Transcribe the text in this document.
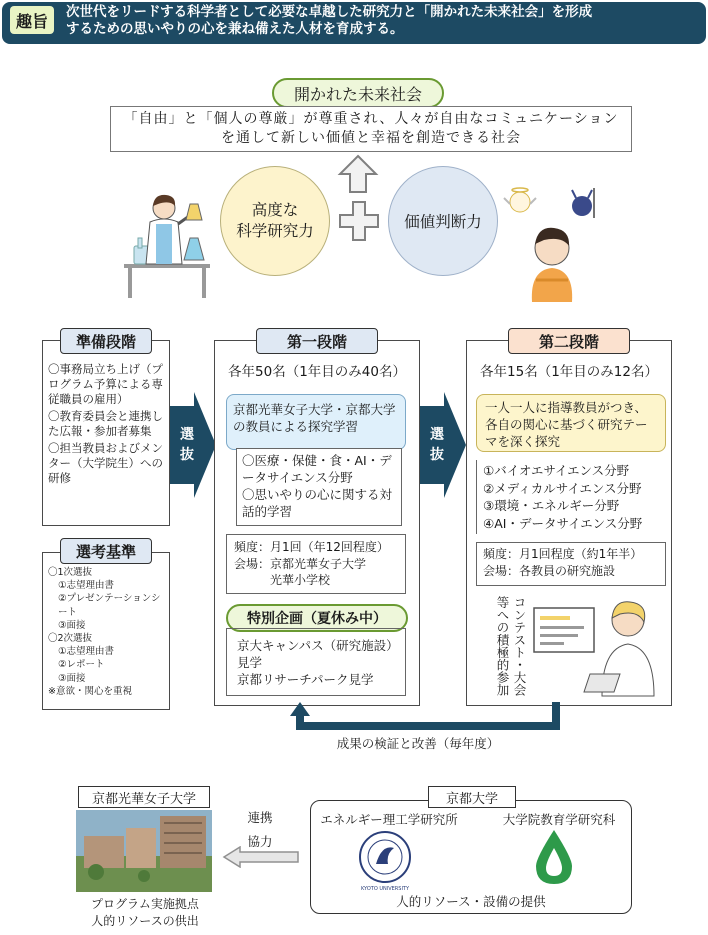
趣旨	次世代をリードする科学者として必要な卓越した研究力と「開かれた未来社会」を形成
するための思いやりの心を兼ね備えた人材を育成する。
開かれた未来社会
「自由」と「個人の尊厳」が尊重され、人々が自由なコミュニケーション
を通して新しい価値と幸福を創造できる社会
高度な
科学研究力	価値判断力
準備段階
〇事務局立ち上げ（プログラム予算による専従職員の雇用）
〇教育委員会と連携した広報・参加者募集
〇担当教員およびメンター（大学院生）への研修
選考基準
〇1次選抜
①志望理由書
②プレゼンテーションシート
③面接
〇2次選抜
①志望理由書
②レポート
③面接
※意欲・関心を重視
選
抜
選
抜
第一段階
各年50名（1年目のみ40名）
京都光華女子大学・京都大学の教員による探究学習
〇医療・保健・食・AI・データサイエンス分野
〇思いやりの心に関する対話的学習
頻度：月1回（年12回程度）
会場：京都光華女子大学
光華小学校
特別企画（夏休み中）
京大キャンパス（研究施設）見学
京都リサーチパーク見学
第二段階
各年15名（1年目のみ12名）
一人一人に指導教員がつき、各自の関心に基づく研究テーマを深く探究
①バイオエサイエンス分野
②メディカルサイエンス分野
③環境・エネルギー分野
④AI・データサイエンス分野
頻度：月1回程度（約1年半）
会場：各教員の研究施設
コンテスト・大会等への積極的参加
成果の検証と改善（毎年度）
京都光華女子大学
プログラム実施拠点
人的リソースの供出
連携
協力
京都大学
エネルギー理工学研究所	大学院教育学研究科
KYOTO UNIVERSITY
人的リソース・設備の提供
